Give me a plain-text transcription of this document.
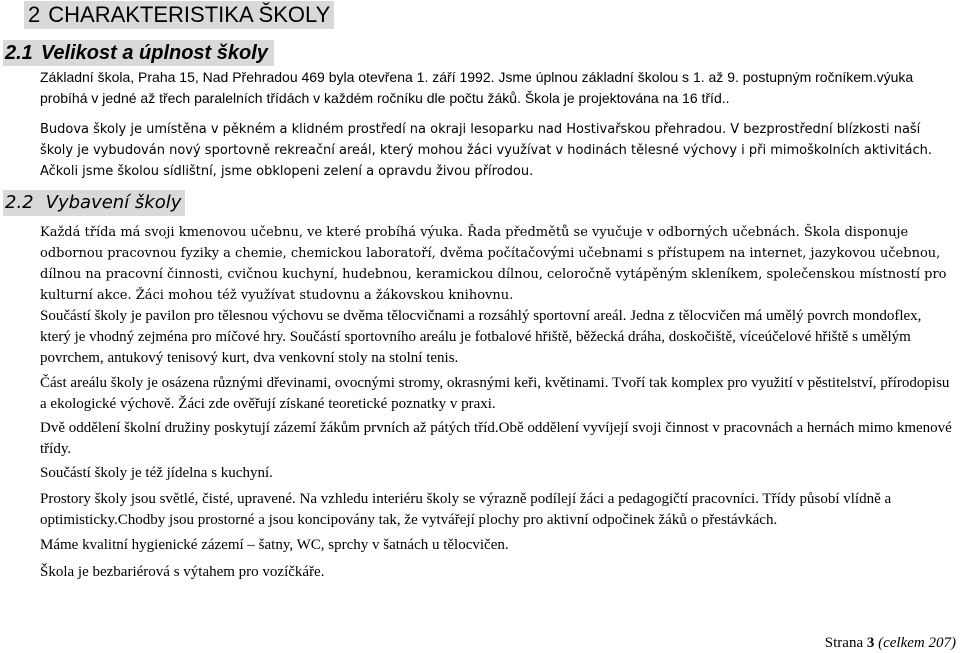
2 CHARAKTERISTIKA ŠKOLY
2.1 Velikost a úplnost školy

Základní škola, Praha 15, Nad Přehradou 469 byla otevřena 1. září 1992. Jsme úplnou základní školou s 1. až 9. postupným ročníkem.výuka probíhá v jedné až třech paralelních třídách v každém ročníku dle počtu žáků. Škola je projektována na 16 tříd..

Budova školy je umístěna v pěkném a klidném prostředí na okraji lesoparku nad Hostivařskou přehradou. V bezprostřední blízkosti naší školy je vybudován nový sportovně rekreační areál, který mohou žáci využívat v hodinách tělesné výchovy i při mimoškolních aktivitách. Ačkoli jsme školou sídlištní, jsme obklopeni zelení a opravdu živou přírodou.

2.2 Vybavení školy

Každá třída má svoji kmenovou učebnu, ve které probíhá výuka. Řada předmětů se vyučuje v odborných učebnách. Škola disponuje odbornou pracovnou fyziky a chemie, chemickou laboratoří, dvěma počítačovými učebnami s přístupem na internet, jazykovou učebnou, dílnou na pracovní činnosti, cvičnou kuchyní, hudebnou, keramickou dílnou, celoročně vytápěným skleníkem, společenskou místností pro kulturní akce. Žáci mohou též využívat studovnu a žákovskou knihovnu.

Součástí školy je pavilon pro tělesnou výchovu se dvěma tělocvičnami a rozsáhlý sportovní areál. Jedna z tělocvičen má umělý povrch mondoflex, který je vhodný zejména pro míčové hry. Součástí sportovního areálu je fotbalové hřiště, běžecká dráha, doskočiště, víceúčelové hřiště s umělým povrchem, antukový tenisový kurt, dva venkovní stoly na stolní tenis.

Část areálu školy je osázena různými dřevinami, ovocnými stromy, okrasnými keři, květinami. Tvoří tak komplex pro využití v pěstitelství, přírodopisu a ekologické výchově. Žáci zde ověřují získané teoretické poznatky v praxi.

Dvě oddělení školní družiny poskytují zázemí žákům prvních až pátých tříd.Obě oddělení vyvíjejí svoji činnost v pracovnách a hernách mimo kmenové třídy.

Součástí školy je též jídelna s kuchyní.

Prostory školy jsou světlé, čisté, upravené. Na vzhledu interiéru školy se výrazně podílejí žáci a pedagogičtí pracovníci. Třídy působí vlídně a optimisticky.Chodby jsou prostorné a jsou koncipovány tak, že vytvářejí plochy pro aktivní odpočinek žáků o přestávkách.

Máme kvalitní hygienické zázemí – šatny, WC, sprchy v šatnách u tělocvičen.

Škola je bezbariérová s výtahem pro vozíčkáře.

Strana 3 (celkem 207)
